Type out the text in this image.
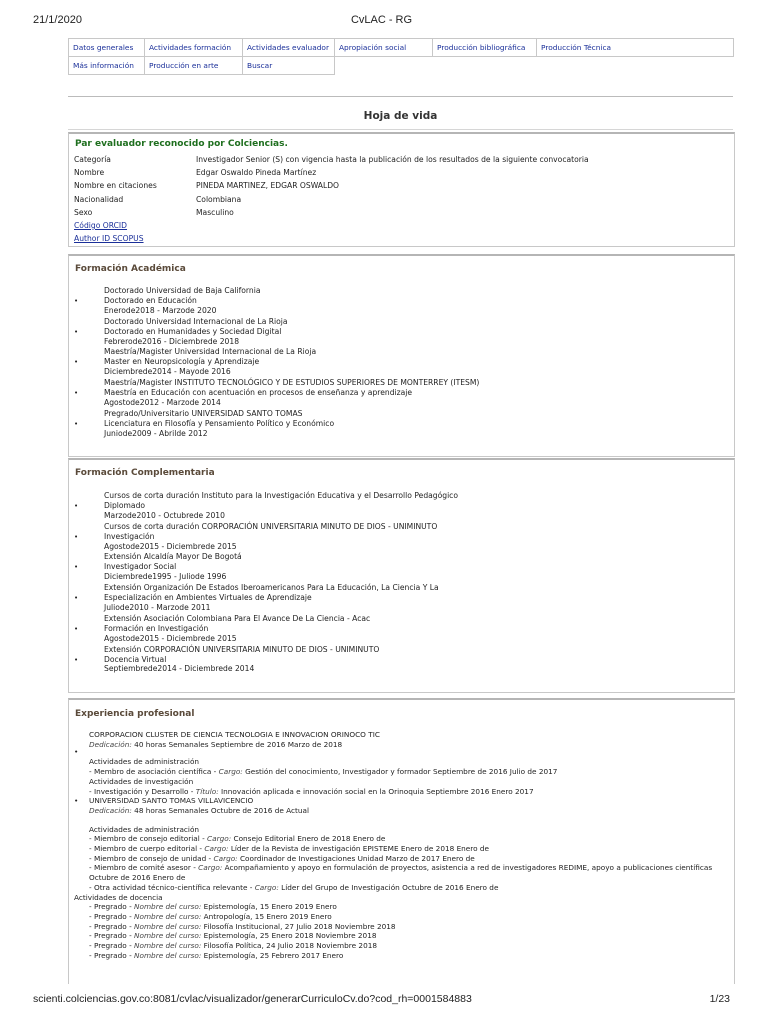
21/1/2020	CvLAC - RG
Datos generales	Actividades formación	Actividades evaluador	Apropiación social	Producción bibliográfica	Producción Técnica
Más información	Producción en arte	Buscar			
Hoja de vida
Par evaluador reconocido por Colciencias.
Categoría	Investigador Senior (S) con vigencia hasta la publicación de los resultados de la siguiente convocatoria
Nombre	Edgar Oswaldo Pineda Martínez
Nombre en citaciones	PINEDA MARTINEZ, EDGAR OSWALDO
Nacionalidad	Colombiana
Sexo	Masculino
Código ORCID
Author ID SCOPUS
Formación Académica
•
Doctorado Universidad de Baja California
Doctorado en Educación
Enerode2018 - Marzode 2020
•
Doctorado Universidad Internacional de La Rioja
Doctorado en Humanidades y Sociedad Digital
Febrerode2016 - Diciembrede 2018
•
Maestría/Magister Universidad Internacional de La Rioja
Master en Neuropsicología y Aprendizaje
Diciembrede2014 - Mayode 2016
•
Maestría/Magister INSTITUTO TECNOLÓGICO Y DE ESTUDIOS SUPERIORES DE MONTERREY (ITESM)
Maestría en Educación con acentuación en procesos de enseñanza y aprendizaje
Agostode2012 - Marzode 2014
•
Pregrado/Universitario UNIVERSIDAD SANTO TOMAS
Licenciatura en Filosofía y Pensamiento Político y Económico
Juniode2009 - Abrilde 2012
Formación Complementaria
•
Cursos de corta duración Instituto para la Investigación Educativa y el Desarrollo Pedagógico
Diplomado
Marzode2010 - Octubrede 2010
•
Cursos de corta duración CORPORACIÓN UNIVERSITARIA MINUTO DE DIOS - UNIMINUTO
Investigación
Agostode2015 - Diciembrede 2015
•
Extensión Alcaldía Mayor De Bogotá
Investigador Social
Diciembrede1995 - Juliode 1996
•
Extensión Organización De Estados Iberoamericanos Para La Educación, La Ciencia Y La
Especialización en Ambientes Virtuales de Aprendizaje
Juliode2010 - Marzode 2011
•
Extensión Asociación Colombiana Para El Avance De La Ciencia - Acac
Formación en Investigación
Agostode2015 - Diciembrede 2015
•
Extensión CORPORACIÓN UNIVERSITARIA MINUTO DE DIOS - UNIMINUTO
Docencia Virtual
Septiembrede2014 - Diciembrede 2014
Experiencia profesional
CORPORACION CLUSTER DE CIENCIA TECNOLOGIA E INNOVACION ORINOCO TIC
Dedicación: 40 horas Semanales Septiembre de 2016 Marzo de 2018
•
Actividades de administración
- Membro de asociación científica - Cargo: Gestión del conocimiento, Investigador y formador Septiembre de 2016 Julio de 2017
Actividades de investigación
- Investigación y Desarrollo - Título: Innovación aplicada e innovación social en la Orinoquia Septiembre 2016 Enero 2017
•	UNIVERSIDAD SANTO TOMAS VILLAVICENCIO
Dedicación: 48 horas Semanales Octubre de 2016 de Actual
Actividades de administración
- Miembro de consejo editorial - Cargo: Consejo Editorial Enero de 2018 Enero de
- Miembro de cuerpo editorial - Cargo: Líder de la Revista de investigación EPISTEME Enero de 2018 Enero de
- Miembro de consejo de unidad - Cargo: Coordinador de Investigaciones Unidad Marzo de 2017 Enero de
- Miembro de comité asesor - Cargo: Acompañamiento y apoyo en formulación de proyectos, asistencia a red de investigadores REDIME, apoyo a publicaciones científicas
Octubre de 2016 Enero de
- Otra actividad técnico-científica relevante - Cargo: Líder del Grupo de Investigación Octubre de 2016 Enero de
Actividades de docencia
- Pregrado - Nombre del curso: Epistemología, 15 Enero 2019 Enero
- Pregrado - Nombre del curso: Antropología, 15 Enero 2019 Enero
- Pregrado - Nombre del curso: Filosofía Institucional, 27 Julio 2018 Noviembre 2018
- Pregrado - Nombre del curso: Epistemología, 25 Enero 2018 Noviembre 2018
- Pregrado - Nombre del curso: Filosofía Política, 24 Julio 2018 Noviembre 2018
- Pregrado - Nombre del curso: Epistemología, 25 Febrero 2017 Enero
scienti.colciencias.gov.co:8081/cvlac/visualizador/generarCurriculoCv.do?cod_rh=0001584883	1/23
